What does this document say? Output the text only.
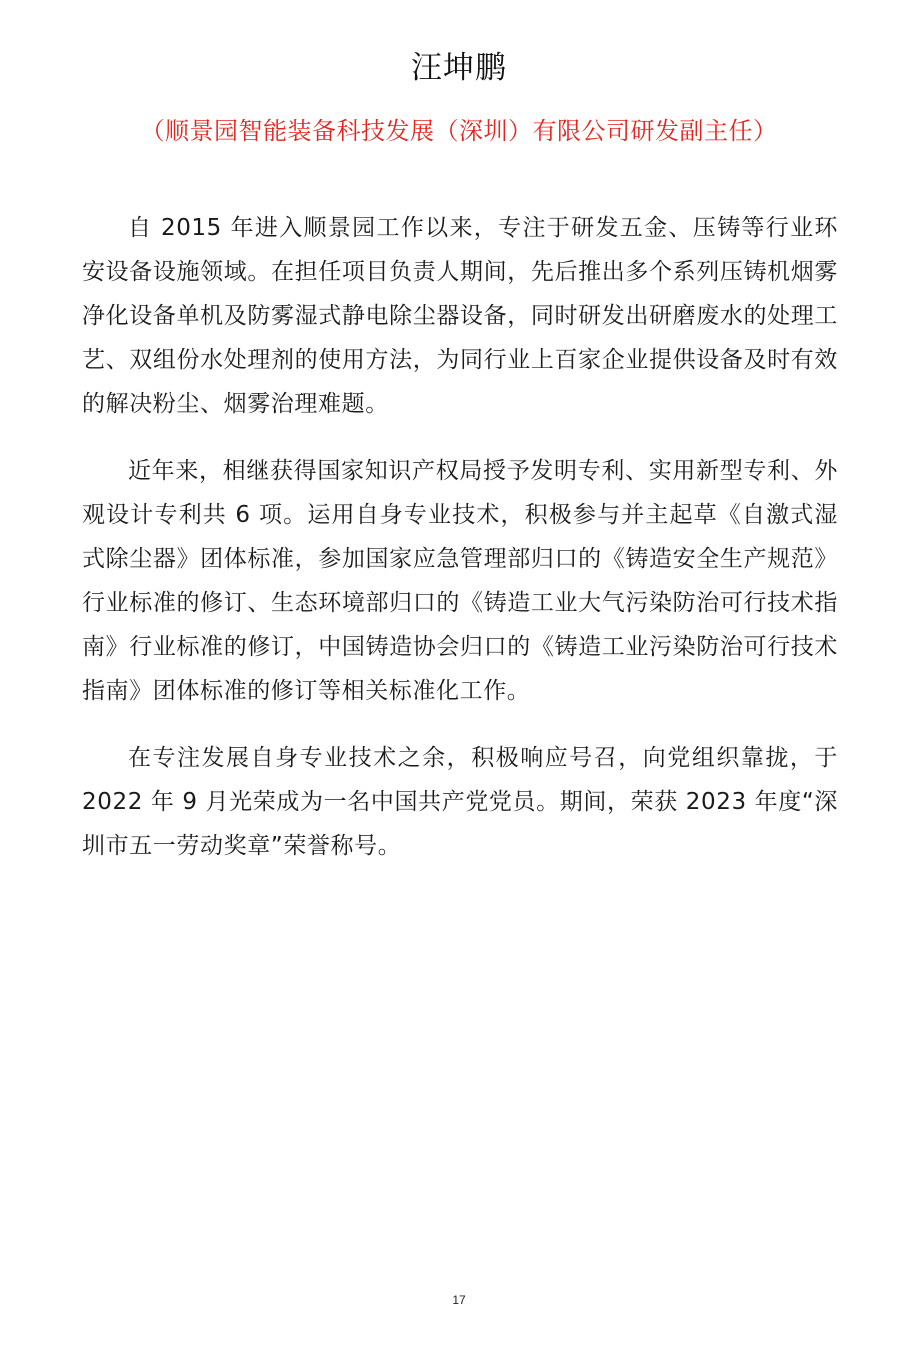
汪坤鹏

（顺景园智能装备科技发展（深圳）有限公司研发副主任）

自 2015 年进入顺景园工作以来，专注于研发五金、压铸等行业环安设备设施领域。在担任项目负责人期间，先后推出多个系列压铸机烟雾净化设备单机及防雾湿式静电除尘器设备，同时研发出研磨废水的处理工艺、双组份水处理剂的使用方法，为同行业上百家企业提供设备及时有效的解决粉尘、烟雾治理难题。

近年来，相继获得国家知识产权局授予发明专利、实用新型专利、外观设计专利共 6 项。运用自身专业技术，积极参与并主起草《自激式湿式除尘器》团体标准，参加国家应急管理部归口的《铸造安全生产规范》行业标准的修订、生态环境部归口的《铸造工业大气污染防治可行技术指南》行业标准的修订，中国铸造协会归口的《铸造工业污染防治可行技术指南》团体标准的修订等相关标准化工作。

在专注发展自身专业技术之余，积极响应号召，向党组织靠拢，于 2022 年 9 月光荣成为一名中国共产党党员。期间，荣获 2023 年度“深圳市五一劳动奖章”荣誉称号。

17
